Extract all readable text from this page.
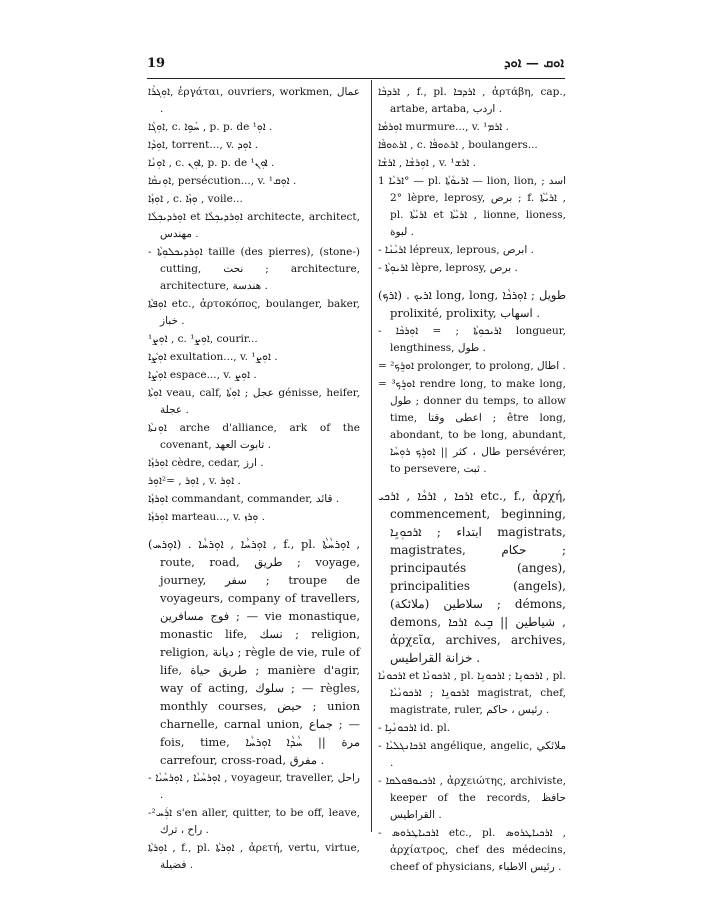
19	ܐܘܩ — ܐܘܕ

ܐܘܼܓܪܵܐ, ἐργάται, ouvriers, workmen, عمال .

ܐܘܼܓܵܐ, c. ܚܵܘܹܐ , p. p. de ¹ܐܘܼ .

ܐܘܼܕܵܐ, torrent..., v. ܐܘܼܕ .

ܐܘܼܢܵܐ , c. ܐܘܼܢ, p. p. de ¹ܐܘܼܢ .

ܐܘܼܢܩܵܐ, persécution..., v. ¹ܐܘܼܩ .

ܐܘܼܙܵܐ , c. ܘܼܙܵܐ , voile...

ܐܘܼܪܕܝܟܼܠܵܐ et ܐܘܼܪܕܝܟܼܠܵܐ architecte, architect, مهندس .

- ܐܘܼܪܕܝܟܠܘܼܬܵܐ taille (des pierres), (stone-) cutting, نحت ; architecture, architecture, هندسة .

ܐܘܼܦܬܵܐ etc., ἀρτοκόπος, boulanger, baker, خباز .

¹ܐܘܼܨ , c. ¹ܐܘܼܨ, courir...

ܐܘܼܨܵܐ exultation..., v. ¹ܐܘܼܨ .

ܐܘܼܨܵܐ espace..., v. ܐܘܼܨ .

ܐܘܼܬܵܐ veau, calf, عجل ; ܐܘܼܬܵܐ génisse, heifer, عجلة .

ܐܘܼܢܬܵܐ arche d'alliance, ark of the covenant, تابوت العهد .

ܐܘܼܪܙܵܐ cèdre, cedar, ارز .

ܐܘܼܪ , =²ܐܘܼܪ , v. ܐܘܼܪ .

ܐܘܼܪܙܵܐ commandant, commander, قائد .

ܐܘܼܪܙܵܐ marteau..., v. ܘܼܪܙ .

(ܐܘܼܪܚ) . ܐܘܼܪܚܵܐ , ܐܘܼܪܚܵܐ , f., pl. ܐܘܼܪܚܵܬܵܐ , route, road, طريق ; voyage, journey, سفر ; troupe de voyageurs, company of travellers, فوج مسافرين ; — vie monastique, monastic life, نسك ; religion, religion, ديانة ; règle de vie, rule of life, طريق حياة ; manière d'agir, way of acting, سلوك ; — règles, monthly courses, حيض ; union charnelle, carnal union, جماع ; — fois, time, مرة || ܚܵܕܵܐ ܐܘܼܪܚܵܐ carrefour, cross-road, مفرق .

- ܐܘܼܪܚܵܝܵܐ , ܐܘܼܪܚܵܝܵܐ , voyageur, traveller, راحل .

-²ܐܪܲܚ s'en aller, quitter, to be off, leave, راح ، ترك .

ܐܘܼܪܬܵܐ , f., pl. ܐܘܼܪܬܵܐ , ἀρετή, vertu, virtue, فضيلة .

ܐܪܕܒܵܐ , f., pl. ܐܪܕܒܐ , ἀρτάβη, cap., artabe, artaba, اردب .

ܐܘܼܪܡܵܐ murmure..., v. ¹ܐܪܡ .

ܐܪܬܘܦܵܐ , c. ܐܪܬܘܦܵܐ , boulangers...

ܐܘܼܪܫܵܐ , ܐܪܫܵܐ , v. ¹ܐܪܫ .

ܐܪܝܵܐ 1° — pl. ܐܪܝܘܵܬܵܐ — lion, lion, اسد ; 2° lèpre, leprosy, برص ; f. ܐܪܝܵܬܵܐ , pl. ܐܪܝܵܬܵܐ et ܐܪܝܵܬܵܐ , lionne, lioness, لبوة .

- ܐܪܝܵܢܵܐ lépreux, leprous, ابرص .

- ܐܪܝܘܼܬܵܐ lèpre, leprosy, برص .

(ܐܪܟ) . ܐܪܝܟ long, long, طويل ; ܐܘܼܪܟܵܐ prolixité, prolixity, اسهاب .

- ܐܪܝܟܘܼܬܵܐ ; = ܐܘܼܪܟܵܐ longueur, lengthiness, طول .

= ²ܐܘܪܸܟ prolonger, to prolong, اطال .

= ³ܐܘܪܸܟ rendre long, to make long, طول ; donner du temps, to allow time, اعطى وقتا ; être long, abondant, to be long, abundant, طال ، كثر || ܐܘܪܸܟ ܪܘܼܚܵܐ persévérer, to persevere, ثبت .

ܐܪܟܐ , ܐܪܟܵܐ , ܐܪܟܝ etc., f., ἀρχή, commencement, beginning, ابتداء ; ܐܪܟܘܼܢܹܐ magistrats, magistrates, حكام ; principautés (anges), principalities (angels), سلاطين (ملائكة) ; démons, demons, شياطين || ܒܹܝܬ ܐܪܟܐ , ἀρχεῖα, archives, archives, خزانة القراطيس .

ܐܪܟܘܢܵܐ et ܐܪܟܘܢܵܐ , pl. ܐܪܟܘܢܹܐ ; ܐܪܟܘܢܹܐ , pl. ܐܪܟܘܢܹܐ ; ܐܪܟܘܢܵܝܵܐ magistrat, chef, magistrate, ruler, رئيس ، حاكم .

- ܐܪܟܘܢܵܝܹܐ id. pl.

- ܐܪܟܐܢܓܠܝܵܐ angélique, angelic, ملائكي .

- ܐܪܟܝܘܦܘܠܩܐ , ἀρχειώτης, archiviste, keeper of the records, حافظ القراطيس .

- ܐܪܟܝܐܛܪܘܣ etc., pl. ܐܪܟܝܐܛܪܘܣ , ἀρχίατρος, chef des médecins, cheef of physicians, رئيس الاطباء .
